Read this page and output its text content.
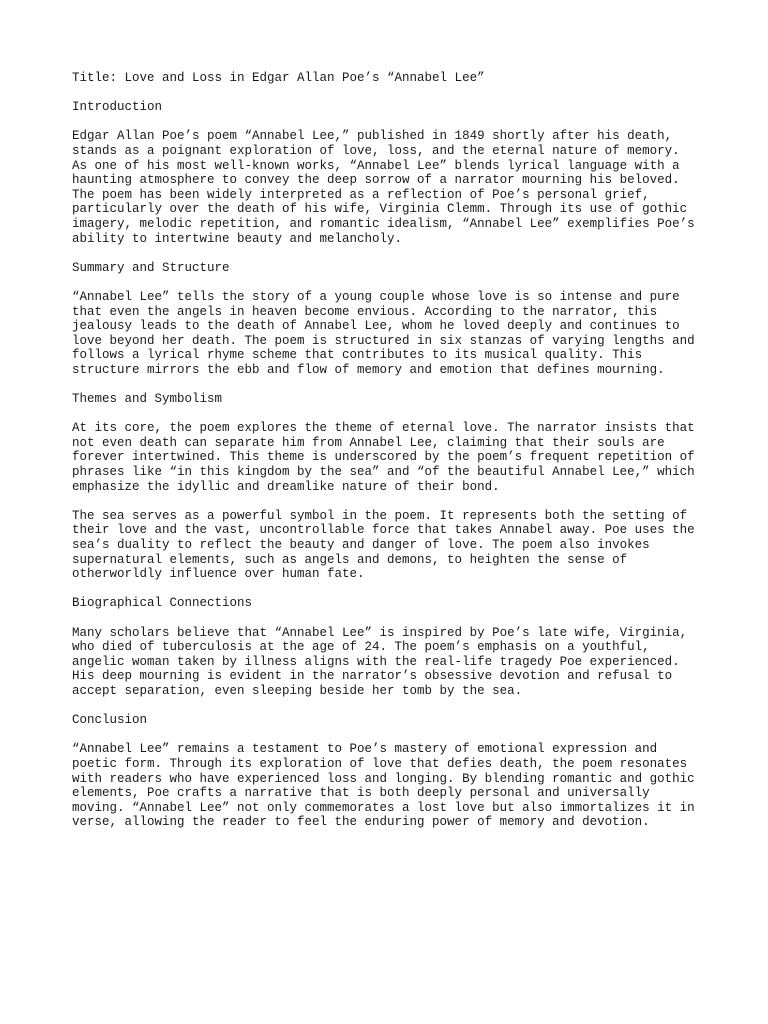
Title: Love and Loss in Edgar Allan Poe’s “Annabel Lee”
Introduction
Edgar Allan Poe’s poem “Annabel Lee,” published in 1849 shortly after his death,
stands as a poignant exploration of love, loss, and the eternal nature of memory.
As one of his most well-known works, “Annabel Lee” blends lyrical language with a
haunting atmosphere to convey the deep sorrow of a narrator mourning his beloved.
The poem has been widely interpreted as a reflection of Poe’s personal grief,
particularly over the death of his wife, Virginia Clemm. Through its use of gothic
imagery, melodic repetition, and romantic idealism, “Annabel Lee” exemplifies Poe’s
ability to intertwine beauty and melancholy.
Summary and Structure
“Annabel Lee” tells the story of a young couple whose love is so intense and pure
that even the angels in heaven become envious. According to the narrator, this
jealousy leads to the death of Annabel Lee, whom he loved deeply and continues to
love beyond her death. The poem is structured in six stanzas of varying lengths and
follows a lyrical rhyme scheme that contributes to its musical quality. This
structure mirrors the ebb and flow of memory and emotion that defines mourning.
Themes and Symbolism
At its core, the poem explores the theme of eternal love. The narrator insists that
not even death can separate him from Annabel Lee, claiming that their souls are
forever intertwined. This theme is underscored by the poem’s frequent repetition of
phrases like “in this kingdom by the sea” and “of the beautiful Annabel Lee,” which
emphasize the idyllic and dreamlike nature of their bond.
The sea serves as a powerful symbol in the poem. It represents both the setting of
their love and the vast, uncontrollable force that takes Annabel away. Poe uses the
sea’s duality to reflect the beauty and danger of love. The poem also invokes
supernatural elements, such as angels and demons, to heighten the sense of
otherworldly influence over human fate.
Biographical Connections
Many scholars believe that “Annabel Lee” is inspired by Poe’s late wife, Virginia,
who died of tuberculosis at the age of 24. The poem’s emphasis on a youthful,
angelic woman taken by illness aligns with the real-life tragedy Poe experienced.
His deep mourning is evident in the narrator’s obsessive devotion and refusal to
accept separation, even sleeping beside her tomb by the sea.
Conclusion
“Annabel Lee” remains a testament to Poe’s mastery of emotional expression and
poetic form. Through its exploration of love that defies death, the poem resonates
with readers who have experienced loss and longing. By blending romantic and gothic
elements, Poe crafts a narrative that is both deeply personal and universally
moving. “Annabel Lee” not only commemorates a lost love but also immortalizes it in
verse, allowing the reader to feel the enduring power of memory and devotion.
